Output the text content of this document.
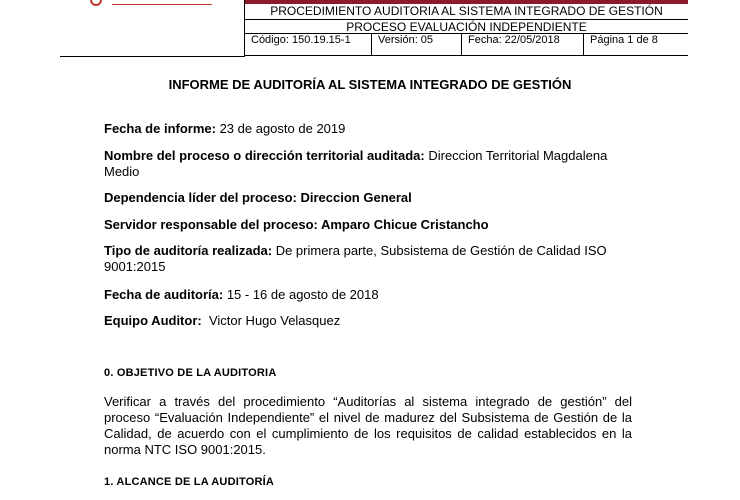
PROCEDIMIENTO AUDITORIA AL SISTEMA INTEGRADO DE GESTIÓN
PROCESO EVALUACIÓN INDEPENDIENTE
Código: 150.19.15-1	Versión: 05	Fecha: 22/05/2018	Página 1 de 8
INFORME DE AUDITORÍA AL SISTEMA INTEGRADO DE GESTIÓN
Fecha de informe: 23 de agosto de 2019
Nombre del proceso o dirección territorial auditada: Direccion Territorial Magdalena Medio
Dependencia líder del proceso: Direccion General
Servidor responsable del proceso: Amparo Chicue Cristancho
Tipo de auditoría realizada: De primera parte, Subsistema de Gestión de Calidad ISO 9001:2015
Fecha de auditoría: 15 - 16 de agosto de 2018
Equipo Auditor:  Victor Hugo Velasquez
0. OBJETIVO DE LA AUDITORIA
Verificar a través del procedimiento “Auditorías al sistema integrado de gestión” del proceso “Evaluación Independiente” el nivel de madurez del Subsistema de Gestión de la Calidad, de acuerdo con el cumplimiento de los requisitos de calidad establecidos en la norma NTC ISO 9001:2015.
1. ALCANCE DE LA AUDITORÍA
